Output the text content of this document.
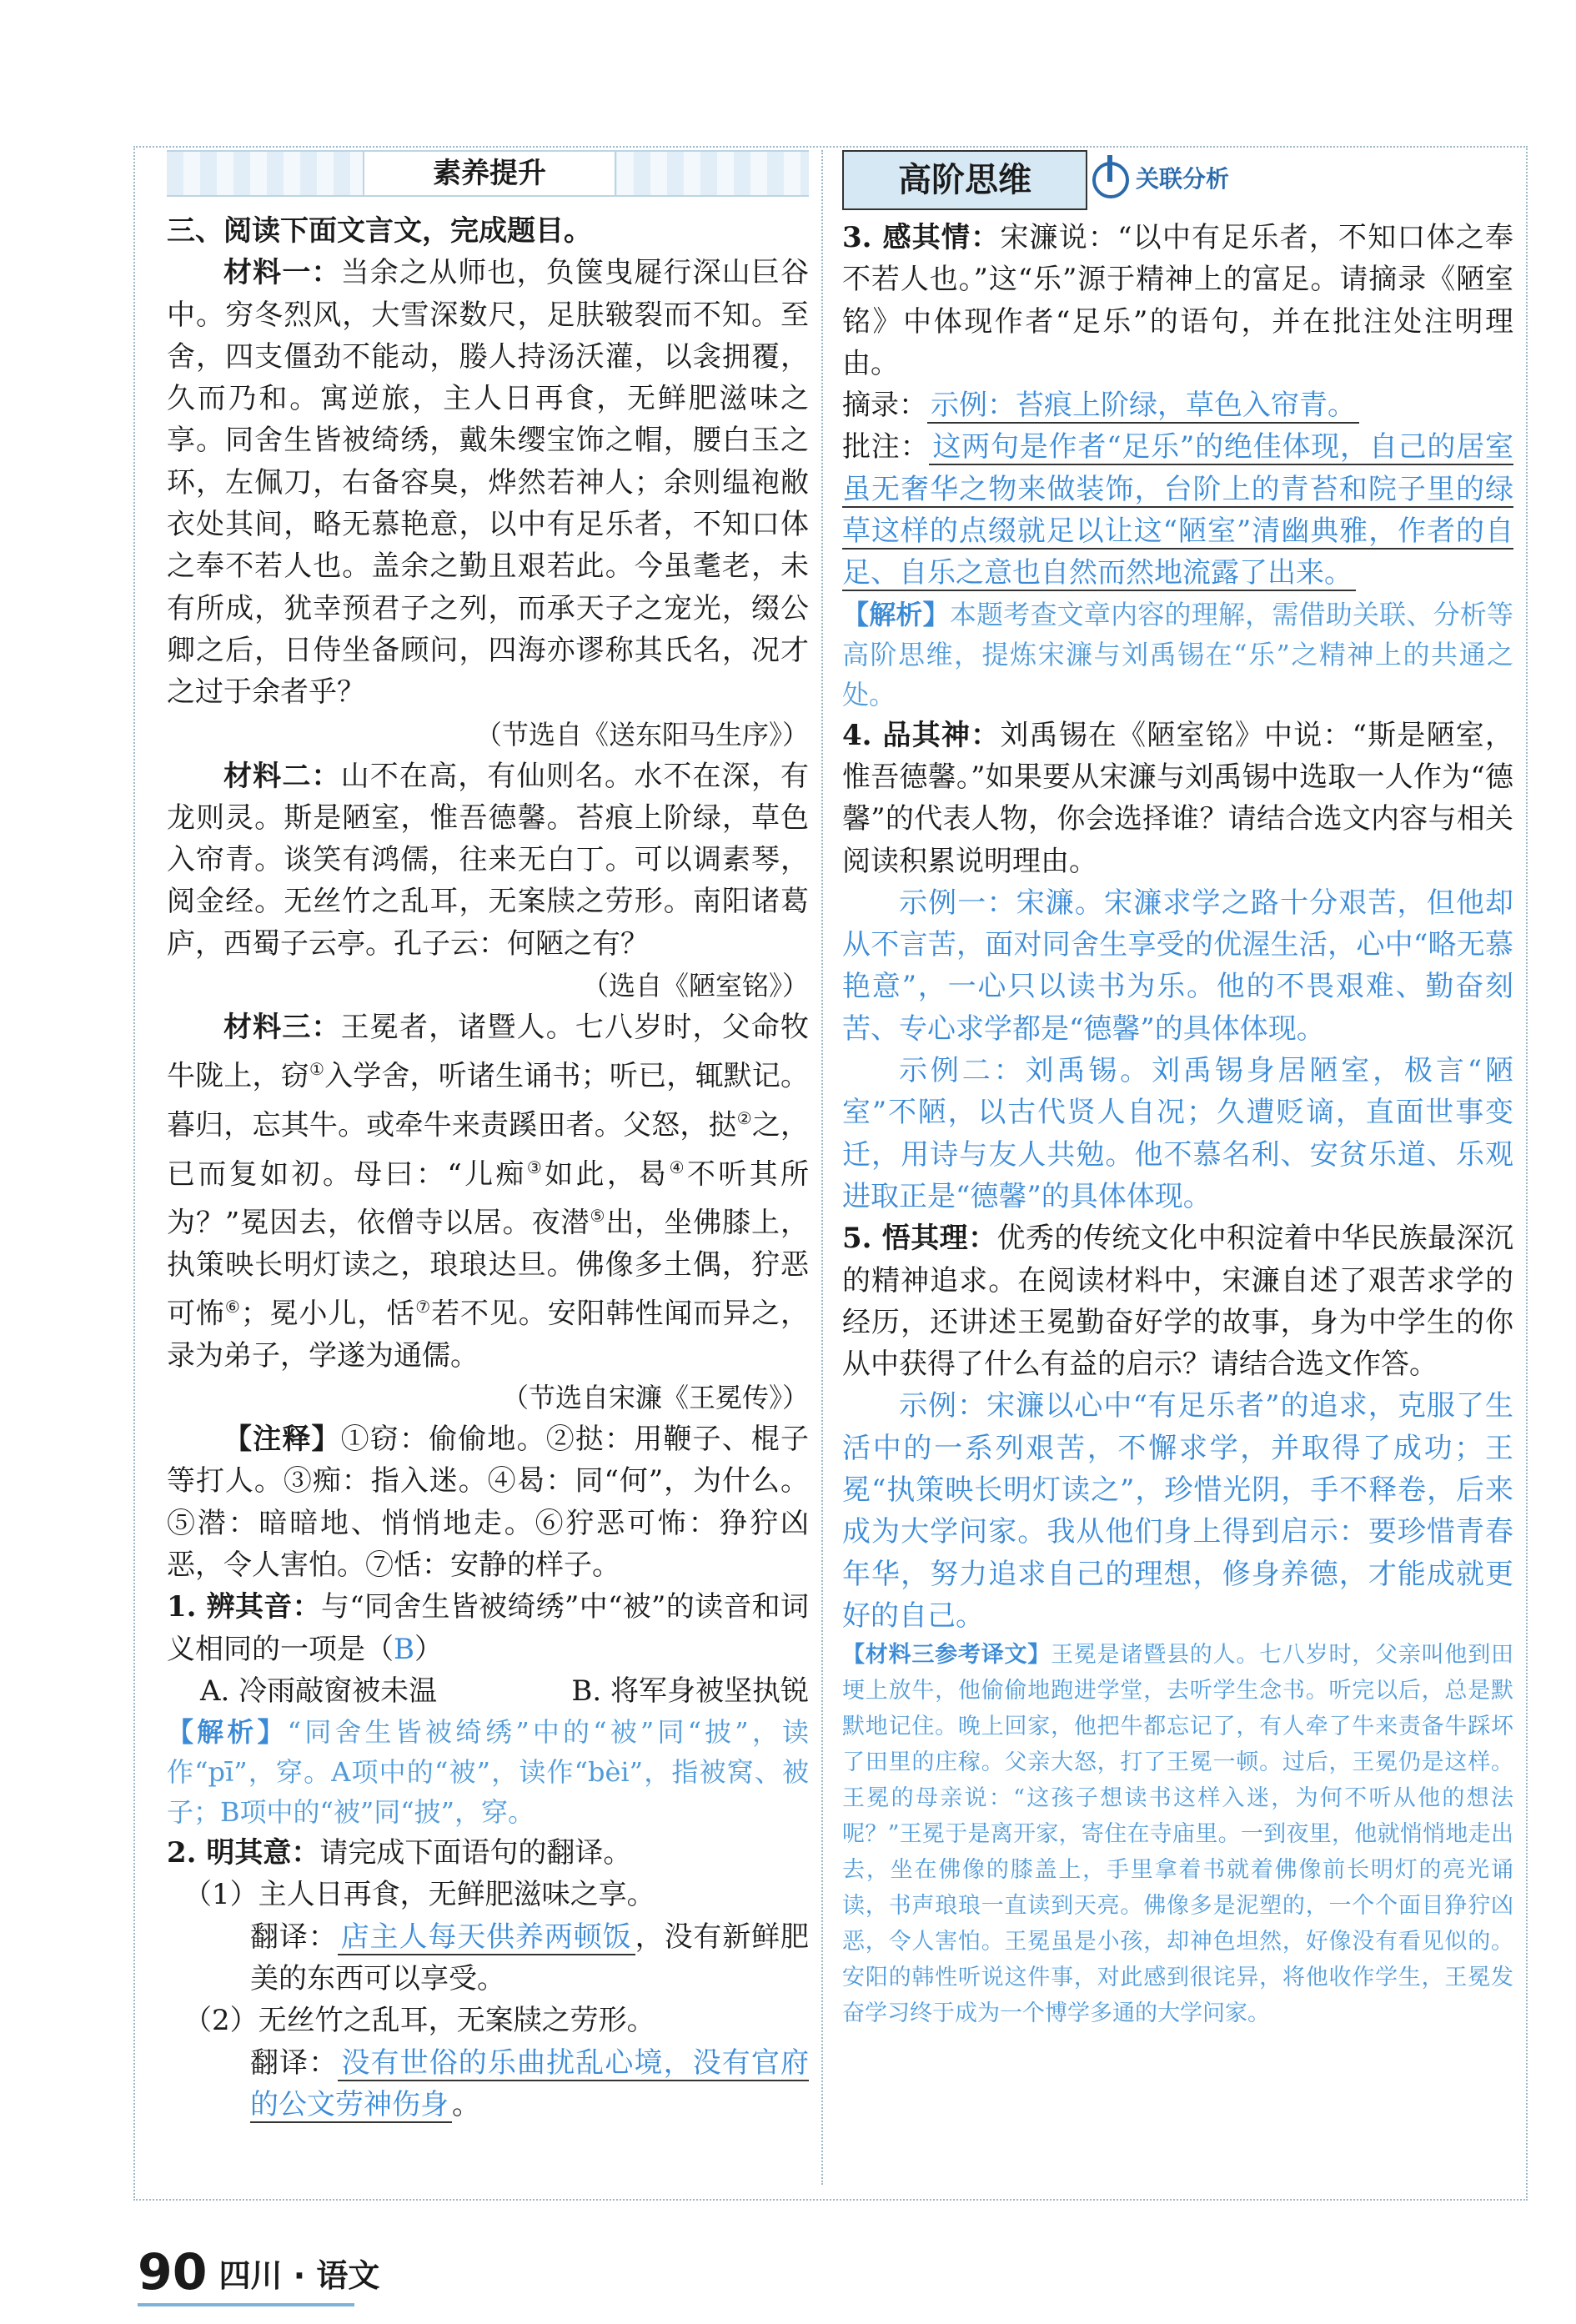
素养提升

三、阅读下面文言文，完成题目。

材料一：当余之从师也，负箧曳屣行深山巨谷中。穷冬烈风，大雪深数尺，足肤皲裂而不知。至舍，四支僵劲不能动，媵人持汤沃灌，以衾拥覆，久而乃和。寓逆旅，主人日再食，无鲜肥滋味之享。同舍生皆被绮绣，戴朱缨宝饰之帽，腰白玉之环，左佩刀，右备容臭，烨然若神人；余则缊袍敝衣处其间，略无慕艳意，以中有足乐者，不知口体之奉不若人也。盖余之勤且艰若此。今虽耄老，未有所成，犹幸预君子之列，而承天子之宠光，缀公卿之后，日侍坐备顾问，四海亦谬称其氏名，况才之过于余者乎？

（节选自《送东阳马生序》）

材料二：山不在高，有仙则名。水不在深，有龙则灵。斯是陋室，惟吾德馨。苔痕上阶绿，草色入帘青。谈笑有鸿儒，往来无白丁。可以调素琴，阅金经。无丝竹之乱耳，无案牍之劳形。南阳诸葛庐，西蜀子云亭。孔子云：何陋之有？

（选自《陋室铭》）

材料三：王冕者，诸暨人。七八岁时，父命牧牛陇上，窃①入学舍，听诸生诵书；听已，辄默记。暮归，忘其牛。或牵牛来责蹊田者。父怒，挞②之，已而复如初。母曰：“儿痴③如此，曷④不听其所为？”冕因去，依僧寺以居。夜潜⑤出，坐佛膝上，执策映长明灯读之，琅琅达旦。佛像多土偶，狞恶可怖⑥；冕小儿，恬⑦若不见。安阳韩性闻而异之，录为弟子，学遂为通儒。

（节选自宋濂《王冕传》）

【注释】①窃：偷偷地。②挞：用鞭子、棍子等打人。③痴：指入迷。④曷：同“何”，为什么。⑤潜：暗暗地、悄悄地走。⑥狞恶可怖：狰狞凶恶，令人害怕。⑦恬：安静的样子。

1. 辨其音：与“同舍生皆被绮绣”中“被”的读音和词义相同的一项是（B）

A. 冷雨敲窗被未温	B. 将军身被坚执锐

【解析】“同舍生皆被绮绣”中的“被”同“披”，读作“pī”，穿。A项中的“被”，读作“bèi”，指被窝、被子；B项中的“被”同“披”，穿。

2. 明其意：请完成下面语句的翻译。

（1）主人日再食，无鲜肥滋味之享。

翻译： 店主人每天供养两顿饭 ，没有新鲜肥美的东西可以享受。

（2）无丝竹之乱耳，无案牍之劳形。

翻译： 没有世俗的乐曲扰乱心境，没有官府的公文劳神伤身 。

高阶思维	关联分析

3. 感其情：宋濂说：“以中有足乐者，不知口体之奉不若人也。”这“乐”源于精神上的富足。请摘录《陋室铭》中体现作者“足乐”的语句，并在批注处注明理由。

摘录： 示例：苔痕上阶绿，草色入帘青。

批注： 这两句是作者“足乐”的绝佳体现，自己的居室虽无奢华之物来做装饰，台阶上的青苔和院子里的绿草这样的点缀就足以让这“陋室”清幽典雅，作者的自足、自乐之意也自然而然地流露了出来。

【解析】本题考查文章内容的理解，需借助关联、分析等高阶思维，提炼宋濂与刘禹锡在“乐”之精神上的共通之处。

4. 品其神：刘禹锡在《陋室铭》中说：“斯是陋室，惟吾德馨。”如果要从宋濂与刘禹锡中选取一人作为“德馨”的代表人物，你会选择谁？请结合选文内容与相关阅读积累说明理由。

示例一：宋濂。宋濂求学之路十分艰苦，但他却从不言苦，面对同舍生享受的优渥生活，心中“略无慕艳意”，一心只以读书为乐。他的不畏艰难、勤奋刻苦、专心求学都是“德馨”的具体体现。

示例二：刘禹锡。刘禹锡身居陋室，极言“陋室”不陋，以古代贤人自况；久遭贬谪，直面世事变迁，用诗与友人共勉。他不慕名利、安贫乐道、乐观进取正是“德馨”的具体体现。

5. 悟其理：优秀的传统文化中积淀着中华民族最深沉的精神追求。在阅读材料中，宋濂自述了艰苦求学的经历，还讲述王冕勤奋好学的故事，身为中学生的你从中获得了什么有益的启示？请结合选文作答。

示例：宋濂以心中“有足乐者”的追求，克服了生活中的一系列艰苦，不懈求学，并取得了成功；王冕“执策映长明灯读之”，珍惜光阴，手不释卷，后来成为大学问家。我从他们身上得到启示：要珍惜青春年华，努力追求自己的理想，修身养德，才能成就更好的自己。

【材料三参考译文】王冕是诸暨县的人。七八岁时，父亲叫他到田埂上放牛，他偷偷地跑进学堂，去听学生念书。听完以后，总是默默地记住。晚上回家，他把牛都忘记了，有人牵了牛来责备牛踩坏了田里的庄稼。父亲大怒，打了王冕一顿。过后，王冕仍是这样。王冕的母亲说：“这孩子想读书这样入迷，为何不听从他的想法呢？”王冕于是离开家，寄住在寺庙里。一到夜里，他就悄悄地走出去，坐在佛像的膝盖上，手里拿着书就着佛像前长明灯的亮光诵读，书声琅琅一直读到天亮。佛像多是泥塑的，一个个面目狰狞凶恶，令人害怕。王冕虽是小孩，却神色坦然，好像没有看见似的。安阳的韩性听说这件事，对此感到很诧异，将他收作学生，王冕发奋学习终于成为一个博学多通的大学问家。

90 四川 · 语文
